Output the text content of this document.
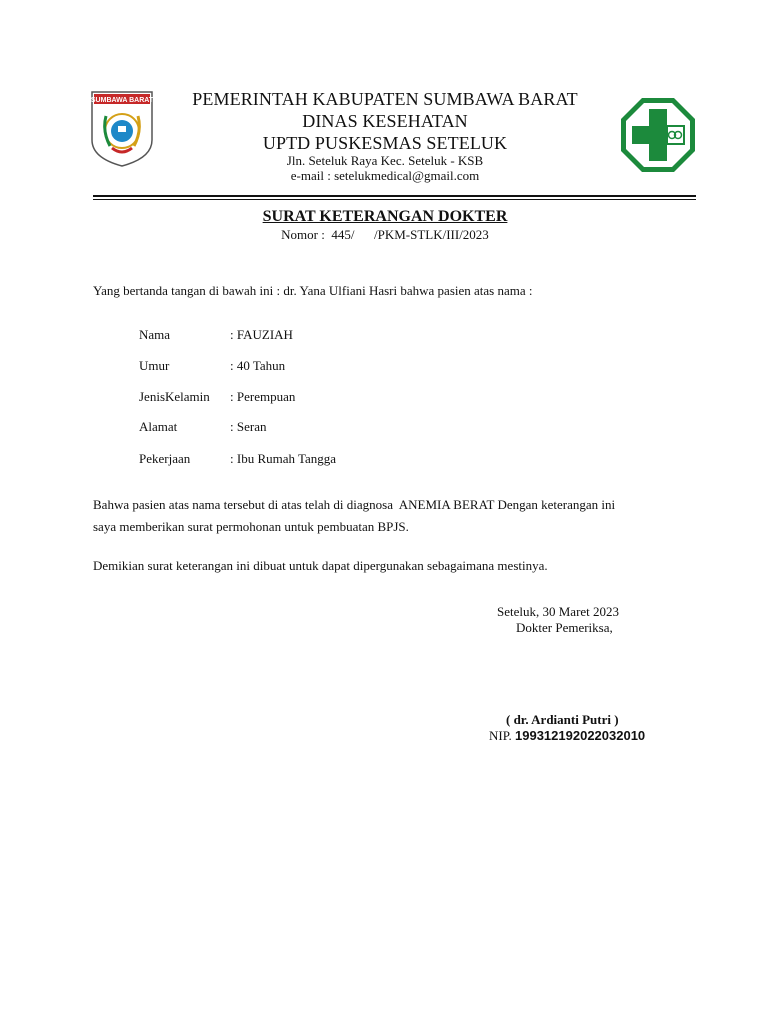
SUMBAWA BARAT	PEMERINTAH KABUPATEN SUMBAWA BARAT
DINAS KESEHATAN
UPTD PUSKESMAS SETELUK
Jln. Seteluk Raya Kec. Seteluk - KSB
e-mail : setelukmedical@gmail.com
SURAT KETERANGAN DOKTER
Nomor :  445/      /PKM-STLK/III/2023
Yang bertanda tangan di bawah ini : dr. Yana Ulfiani Hasri bahwa pasien atas nama :
Nama	: FAUZIAH
Umur	: 40 Tahun
JenisKelamin : Perempuan
Alamat	: Seran
Pekerjaan	: Ibu Rumah Tangga
Bahwa pasien atas nama tersebut di atas telah di diagnosa  ANEMIA BERAT Dengan keterangan ini
saya memberikan surat permohonan untuk pembuatan BPJS.
Demikian surat keterangan ini dibuat untuk dapat dipergunakan sebagaimana mestinya.
Seteluk, 30 Maret 2023
Dokter Pemeriksa,
( dr. Ardianti Putri )
NIP. 199312192022032010
